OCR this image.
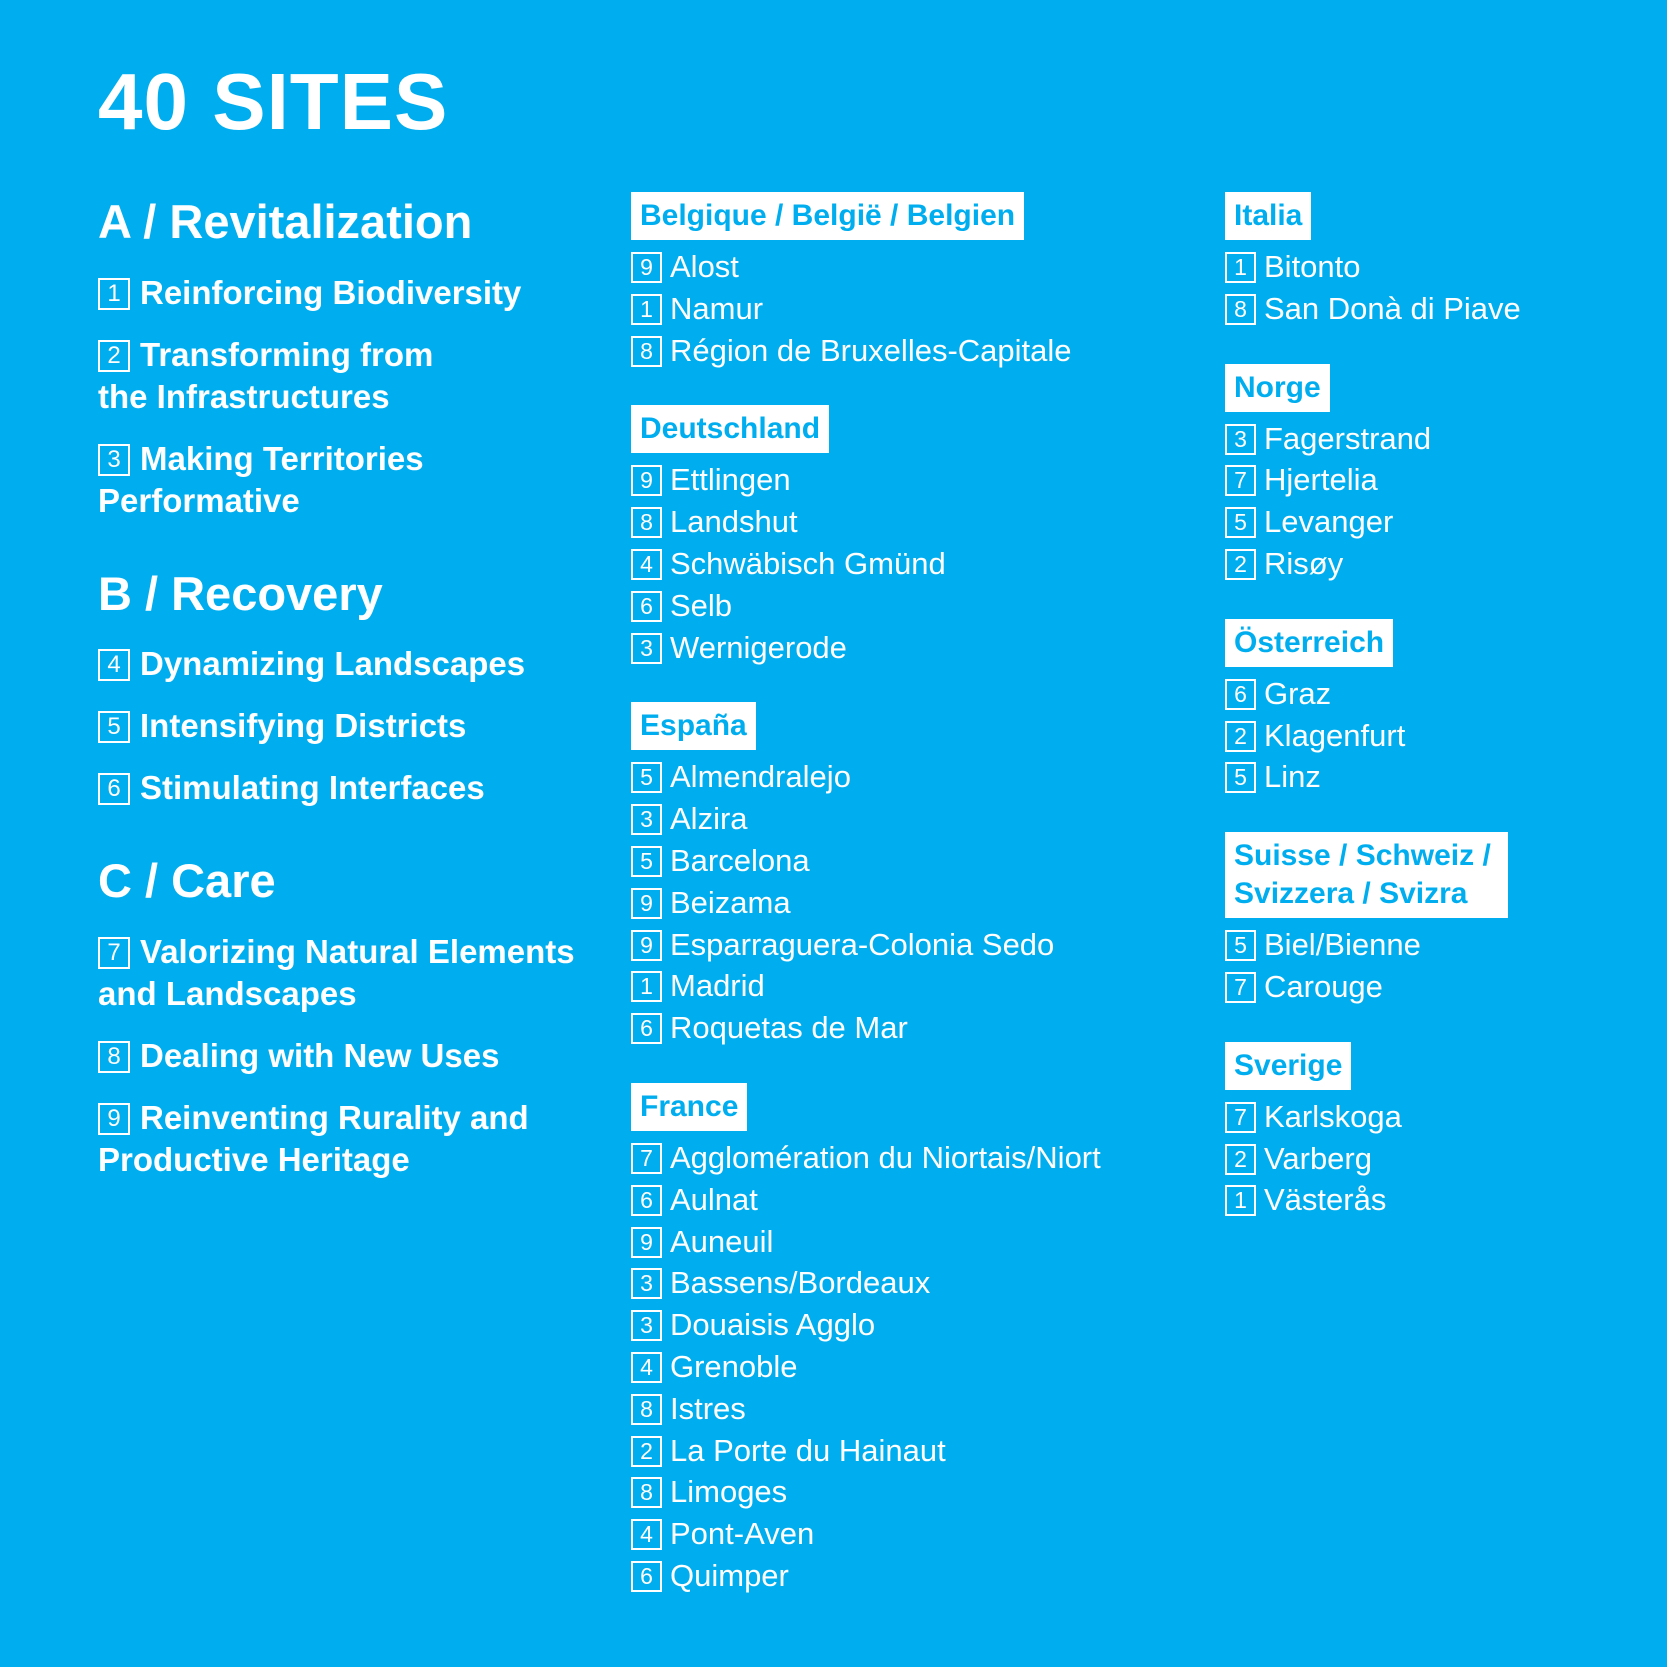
40 SITES
A / Revitalization
1 Reinforcing Biodiversity
2 Transforming from the Infrastructures
3 Making Territories Performative
B / Recovery
4 Dynamizing Landscapes
5 Intensifying Districts
6 Stimulating Interfaces
C / Care
7 Valorizing Natural Elements and Landscapes
8 Dealing with New Uses
9 Reinventing Rurality and Productive Heritage
Belgique / België / Belgien
9 Alost
1 Namur
8 Région de Bruxelles-Capitale
Deutschland
9 Ettlingen
8 Landshut
4 Schwäbisch Gmünd
6 Selb
3 Wernigerode
España
5 Almendralejo
3 Alzira
5 Barcelona
9 Beizama
9 Esparraguera-Colonia Sedo
1 Madrid
6 Roquetas de Mar
France
7 Agglomération du Niortais/Niort
6 Aulnat
9 Auneuil
3 Bassens/Bordeaux
3 Douaisis Agglo
4 Grenoble
8 Istres
2 La Porte du Hainaut
8 Limoges
4 Pont-Aven
6 Quimper
Italia
1 Bitonto
8 San Donà di Piave
Norge
3 Fagerstrand
7 Hjertelia
5 Levanger
2 Risøy
Österreich
6 Graz
2 Klagenfurt
5 Linz
Suisse / Schweiz / Svizzera / Svizra
5 Biel/Bienne
7 Carouge
Sverige
7 Karlskoga
2 Varberg
1 Västerås
